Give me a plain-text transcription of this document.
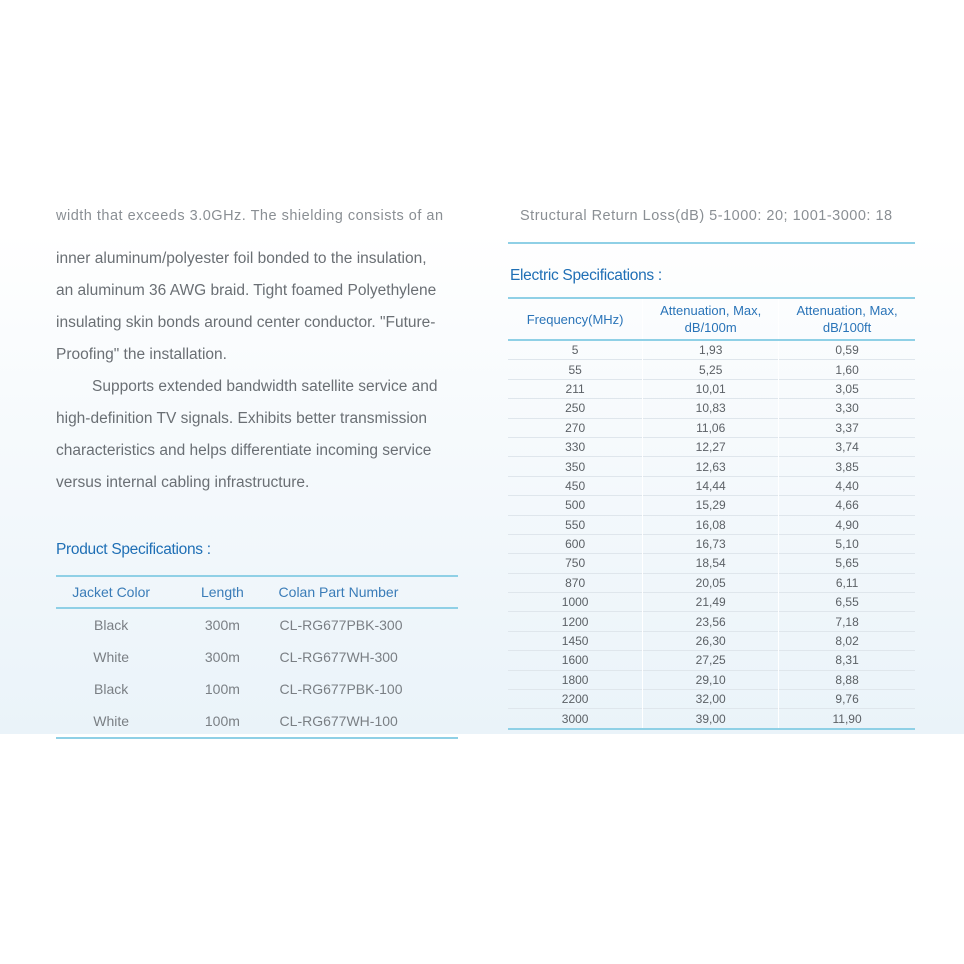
width that exceeds 3.0GHz. The shielding consists of an	Structural Return Loss(dB) 5-1000: 20; 1001-3000: 18
inner aluminum/polyester foil bonded to the insulation,
an aluminum 36 AWG braid. Tight foamed Polyethylene
insulating skin bonds around center conductor. "Future-
Proofing" the installation.
Supports extended bandwidth satellite service and
high-definition TV signals. Exhibits better transmission
characteristics and helps differentiate incoming service
versus internal cabling infrastructure.
Product Specifications :
Jacket Color	Length	Colan Part Number
Black	300m	CL-RG677PBK-300
White	300m	CL-RG677WH-300
Black	100m	CL-RG677PBK-100
White	100m	CL-RG677WH-100
Electric Specifications :
Frequency(MHz)	Attenuation, Max, dB/100m	Attenuation, Max, dB/100ft
5	1,93	0,59
55	5,25	1,60
211	10,01	3,05
250	10,83	3,30
270	11,06	3,37
330	12,27	3,74
350	12,63	3,85
450	14,44	4,40
500	15,29	4,66
550	16,08	4,90
600	16,73	5,10
750	18,54	5,65
870	20,05	6,11
1000	21,49	6,55
1200	23,56	7,18
1450	26,30	8,02
1600	27,25	8,31
1800	29,10	8,88
2200	32,00	9,76
3000	39,00	11,90
